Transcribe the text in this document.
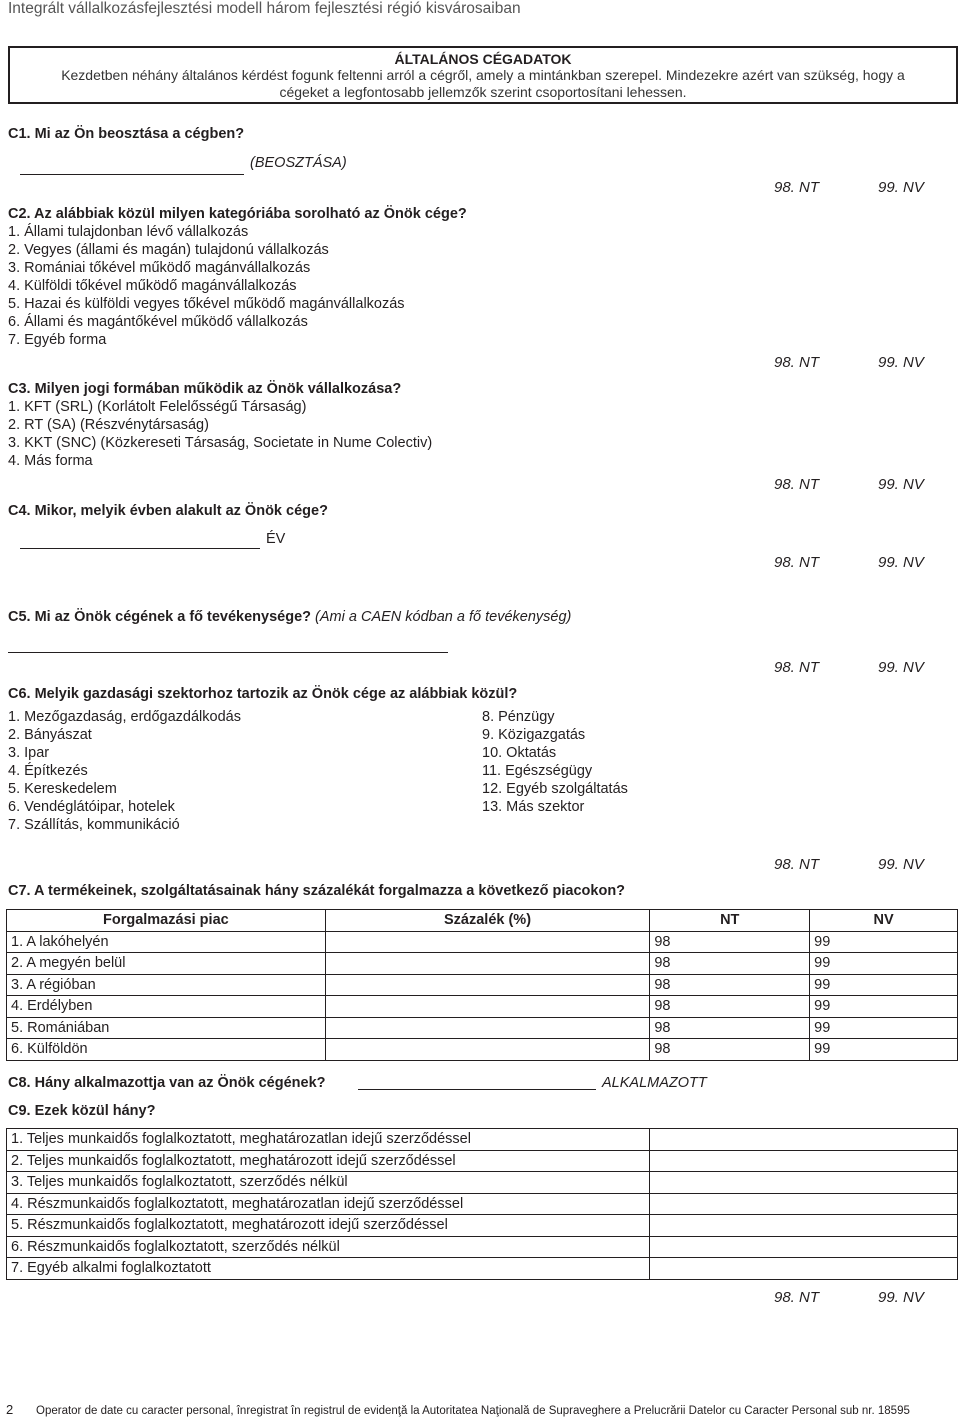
Integrált vállalkozásfejlesztési modell három fejlesztési régió kisvárosaiban
ÁLTALÁNOS CÉGADATOK
Kezdetben néhány általános kérdést fogunk feltenni arról a cégről, amely a mintánkban szerepel. Mindezekre azért van szükség, hogy a
cégeket a legfontosabb jellemzők szerint csoportosítani lehessen.
C1. Mi az Ön beosztása a cégben?
(BEOSZTÁSA)
98. NT	99. NV
C2. Az alábbiak közül milyen kategóriába sorolható az Önök cége?
1. Állami tulajdonban lévő vállalkozás
2. Vegyes (állami és magán) tulajdonú vállalkozás
3. Romániai tőkével működő magánvállalkozás
4. Külföldi tőkével működő magánvállalkozás
5. Hazai és külföldi vegyes tőkével működő magánvállalkozás
6. Állami és magántőkével működő vállalkozás
7. Egyéb forma
98. NT	99. NV
C3. Milyen jogi formában működik az Önök vállalkozása?
1. KFT (SRL) (Korlátolt Felelősségű Társaság)
2. RT (SA) (Részvénytársaság)
3. KKT (SNC) (Közkereseti Társaság, Societate in Nume Colectiv)
4. Más forma
98. NT	99. NV
C4. Mikor, melyik évben alakult az Önök cége?
ÉV
98. NT	99. NV
C5. Mi az Önök cégének a fő tevékenysége? (Ami a CAEN kódban a fő tevékenység)
98. NT	99. NV
C6. Melyik gazdasági szektorhoz tartozik az Önök cége az alábbiak közül?
1. Mezőgazdaság, erdőgazdálkodás
2. Bányászat
3. Ipar
4. Építkezés
5. Kereskedelem
6. Vendéglátóipar, hotelek
7. Szállítás, kommunikáció
8. Pénzügy
9. Közigazgatás
10. Oktatás
11. Egészségügy
12. Egyéb szolgáltatás
13. Más szektor
98. NT	99. NV
C7. A termékeinek, szolgáltatásainak hány százalékát forgalmazza a következő piacokon?
Forgalmazási piac	Százalék (%)	NT	NV
1. A lakóhelyén		98	99
2. A megyén belül		98	99
3. A régióban		98	99
4. Erdélyben		98	99
5. Romániában		98	99
6. Külföldön		98	99
C8. Hány alkalmazottja van az Önök cégének?	ALKALMAZOTT
C9. Ezek közül hány?
1. Teljes munkaidős foglalkoztatott, meghatározatlan idejű szerződéssel	
2. Teljes munkaidős foglalkoztatott, meghatározott idejű szerződéssel	
3. Teljes munkaidős foglalkoztatott, szerződés nélkül	
4. Részmunkaidős foglalkoztatott, meghatározatlan idejű szerződéssel	
5. Részmunkaidős foglalkoztatott, meghatározott idejű szerződéssel	
6. Részmunkaidős foglalkoztatott, szerződés nélkül	
7. Egyéb alkalmi foglalkoztatott	
98. NT	99. NV
2 Operator de date cu caracter personal, înregistrat în registrul de evidenţă la Autoritatea Naţională de Supraveghere a Prelucrării Datelor cu Caracter Personal sub nr. 18595
